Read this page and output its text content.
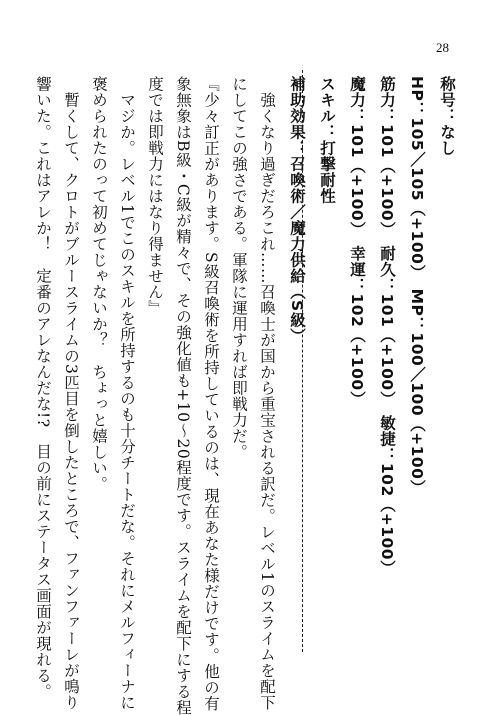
28
称号：なし
HP：105／105（+100）　MP：100／100（+100）
筋力：101（+100）　耐久：101（+100）　敏捷：102（+100）
魔力：101（+100）　幸運：102（+100）
スキル：打撃耐性
補助効果：召喚術／魔力供給（S級）
　強くなり過ぎだろこれ……召喚士が国から重宝される訳だ。レベル1のスライムを配下
にしてこの強さである。軍隊に運用すれば即戦力だ。
『少々訂正があります。S級召喚術を所持しているのは、現在あなた様だけです。他の有
象無象はB級・C級が精々で、その強化値も+10～20程度です。スライムを配下にする程
度では即戦力にはなり得ません』
　マジか。レベル1でこのスキルを所持するのも十分チートだな。それにメルフィーナに
褒められたのって初めてじゃないか？　ちょっと嬉しい。
　暫くして、クロトがブルースライムの3匹目を倒したところで、ファンファーレが鳴り
響いた。これはアレか！　定番のアレなんだな!?　目の前にステータス画面が現れる。
